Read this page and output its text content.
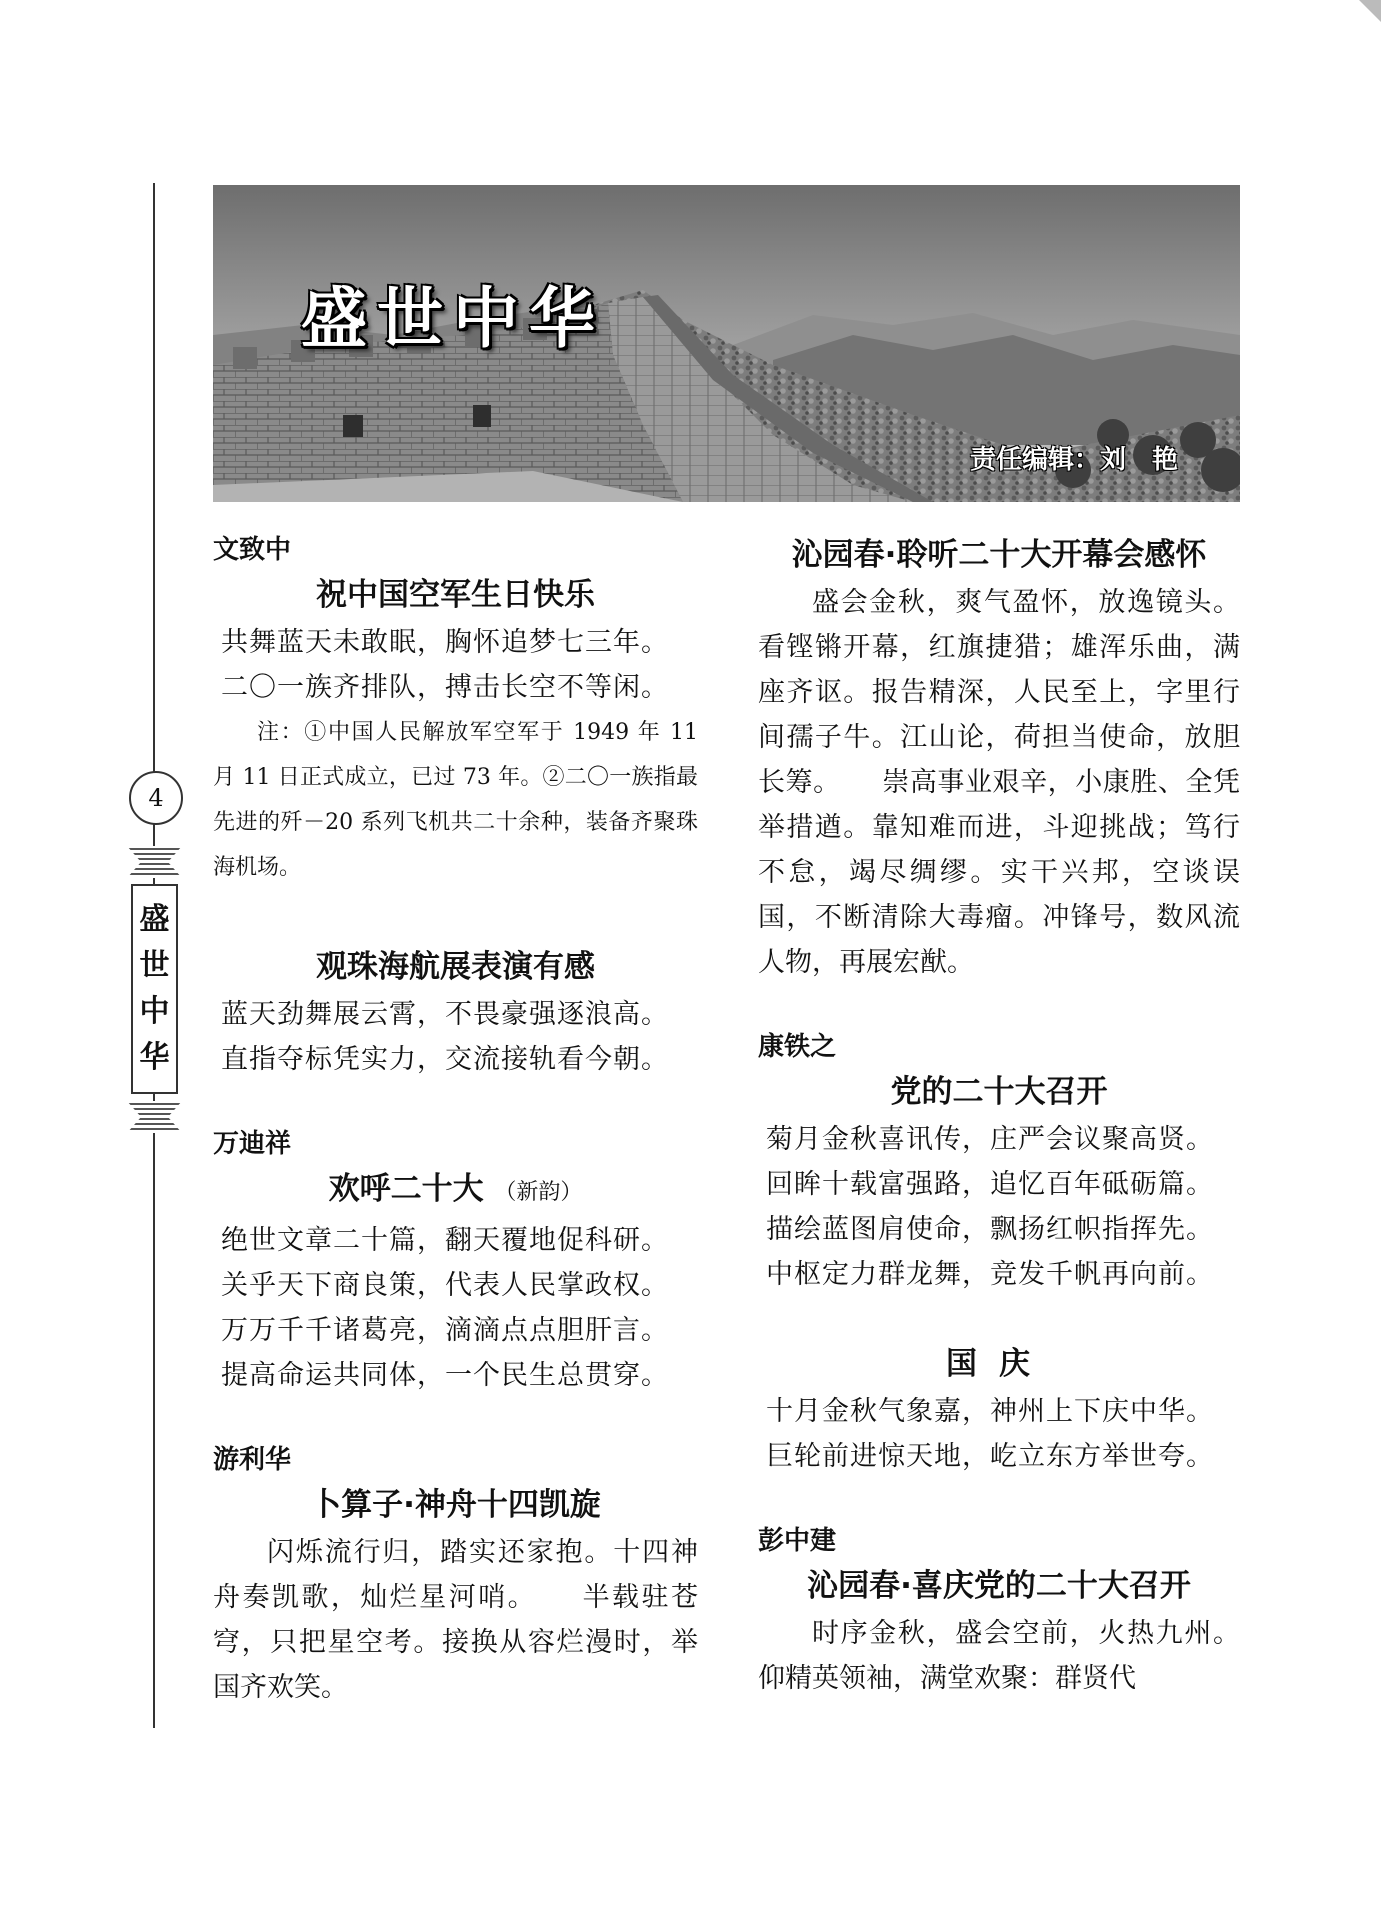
4
盛
世
中
华
盛世中华
责任编辑：刘　艳

文致中

祝中国空军生日快乐

共舞蓝天未敢眠，胸怀追梦七三年。

二〇一族齐排队，搏击长空不等闲。

注：①中国人民解放军空军于 1949 年 11 月 11 日正式成立，已过 73 年。②二〇一族指最先进的歼－20 系列飞机共二十余种，装备齐聚珠海机场。

观珠海航展表演有感

蓝天劲舞展云霄，不畏豪强逐浪高。

直指夺标凭实力，交流接轨看今朝。

万迪祥

欢呼二十大 （新韵）

绝世文章二十篇，翻天覆地促科研。

关乎天下商良策，代表人民掌政权。

万万千千诸葛亮，滴滴点点胆肝言。

提高命运共同体，一个民生总贯穿。

游利华

卜算子·神舟十四凯旋

闪烁流行归，踏实还家抱。十四神舟奏凯歌，灿烂星河哨。　　半载驻苍穹，只把星空考。接换从容烂漫时，举国齐欢笑。

沁园春·聆听二十大开幕会感怀

盛会金秋，爽气盈怀，放逸镜头。看铿锵开幕，红旗捷猎；雄浑乐曲，满座齐讴。报告精深，人民至上，字里行间孺子牛。江山论，荷担当使命，放胆长筹。　　崇高事业艰辛，小康胜、全凭举措遒。靠知难而进，斗迎挑战；笃行不怠，竭尽绸缪。实干兴邦，空谈误国，不断清除大毒瘤。冲锋号，数风流人物，再展宏猷。

康铁之

党的二十大召开

菊月金秋喜讯传，庄严会议聚高贤。

回眸十载富强路，追忆百年砥砺篇。

描绘蓝图肩使命，飘扬红帜指挥先。

中枢定力群龙舞，竞发千帆再向前。

国庆

十月金秋气象嘉，神州上下庆中华。

巨轮前进惊天地，屹立东方举世夸。

彭中建

沁园春·喜庆党的二十大召开

时序金秋，盛会空前，火热九州。仰精英领袖，满堂欢聚：群贤代
